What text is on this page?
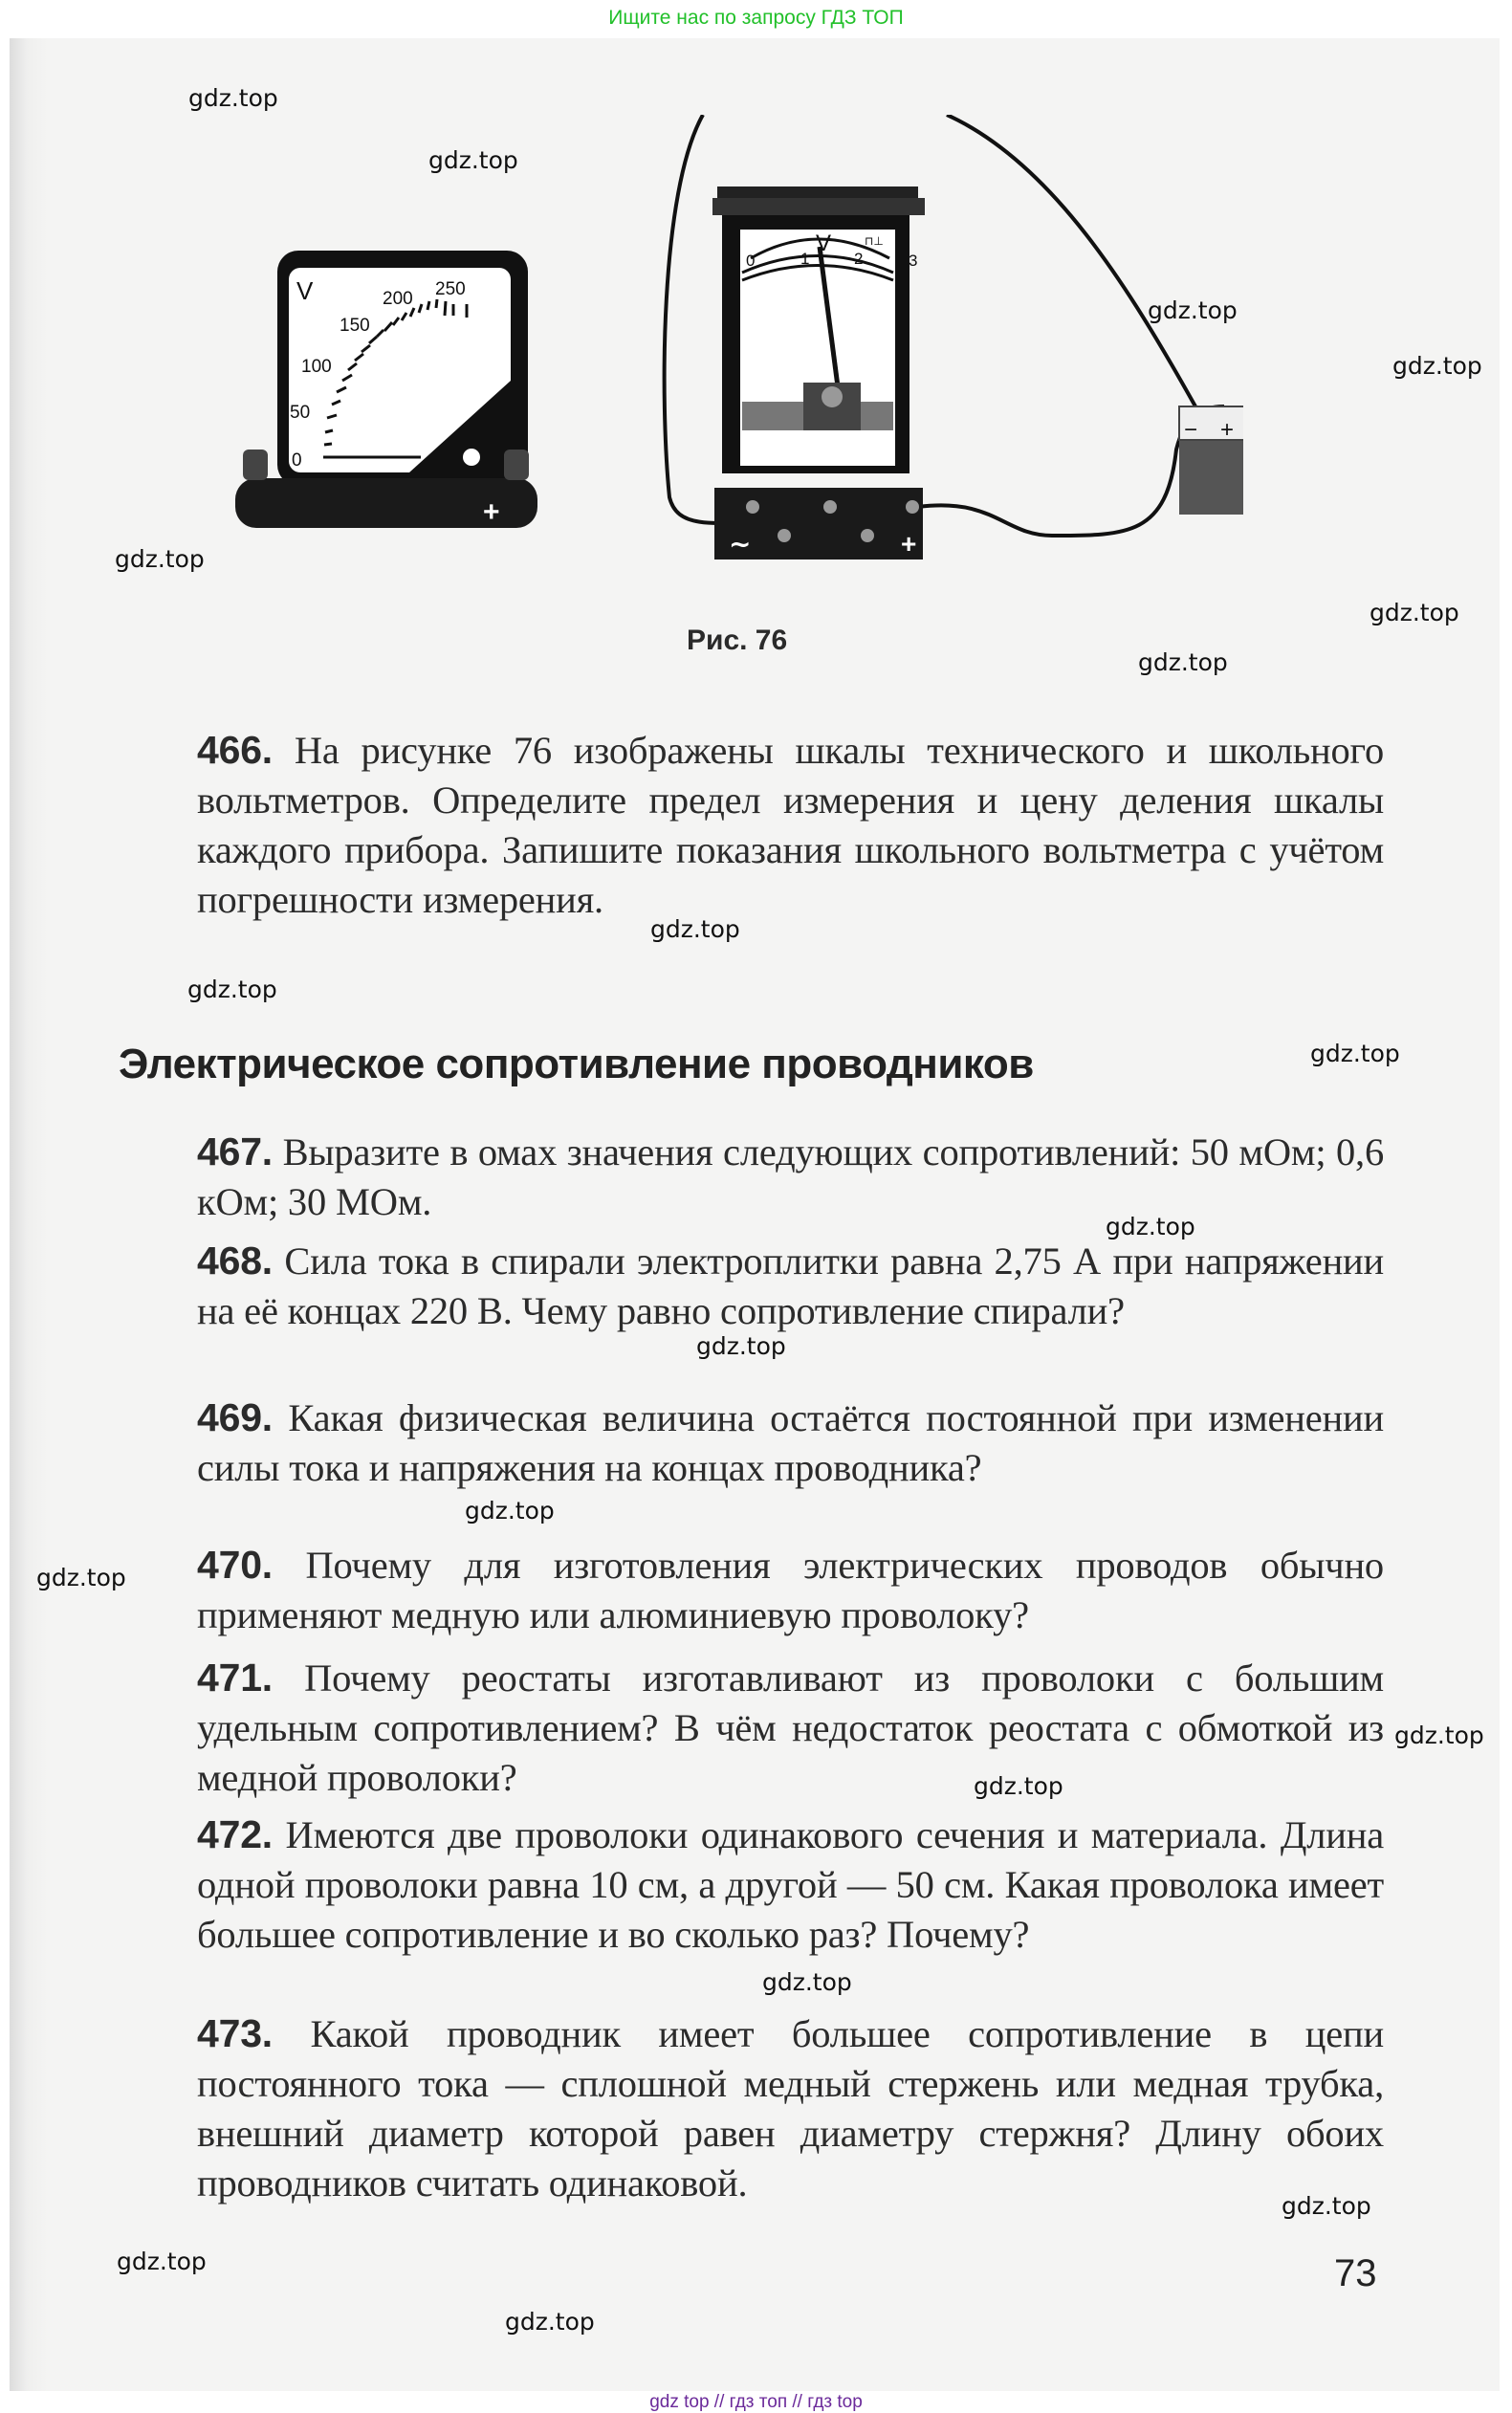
Ищите нас по запросу ГДЗ ТОП
V
0
50
100
150
200 250
+
V	⊓⊥
0	1	2	3
~	+
− +
Рис. 76
466. На рисунке 76 изображены шкалы технического и школьного вольтметров. Определите предел измерения и цену деления шкалы каждого прибора. Запишите показания школьного вольтметра с учётом погрешности измерения.
Электрическое сопротивление проводников
467. Выразите в омах значения следующих сопротивлений: 50 мОм; 0,6 кОм; 30 МОм.
468. Сила тока в спирали электроплитки равна 2,75 А при напряжении на её концах 220 В. Чему равно сопротивление спирали?
469. Какая физическая величина остаётся постоянной при изменении силы тока и напряжения на концах проводника?
470. Почему для изготовления электрических проводов обычно применяют медную или алюминиевую проволоку?
471. Почему реостаты изготавливают из проволоки с большим удельным сопротивлением? В чём недостаток реостата с обмоткой из медной проволоки?
472. Имеются две проволоки одинакового сечения и материала. Длина одной проволоки равна 10 см, а другой — 50 см. Какая проволока имеет большее сопротивление и во сколько раз? Почему?
473. Какой проводник имеет большее сопротивление в цепи постоянного тока — сплошной медный стержень или медная трубка, внешний диаметр которой равен диаметру стержня? Длину обоих проводников считать одинаковой.
73
gdz.top
gdz.top
gdz.top
gdz.top
gdz.top
gdz.top
gdz.top
gdz.top
gdz.top
gdz.top
gdz.top
gdz.top
gdz.top
gdz.top
gdz.top
gdz.top
gdz.top
gdz.top
gdz.top
gdz.top
gdz top // гдз топ // гдз top
